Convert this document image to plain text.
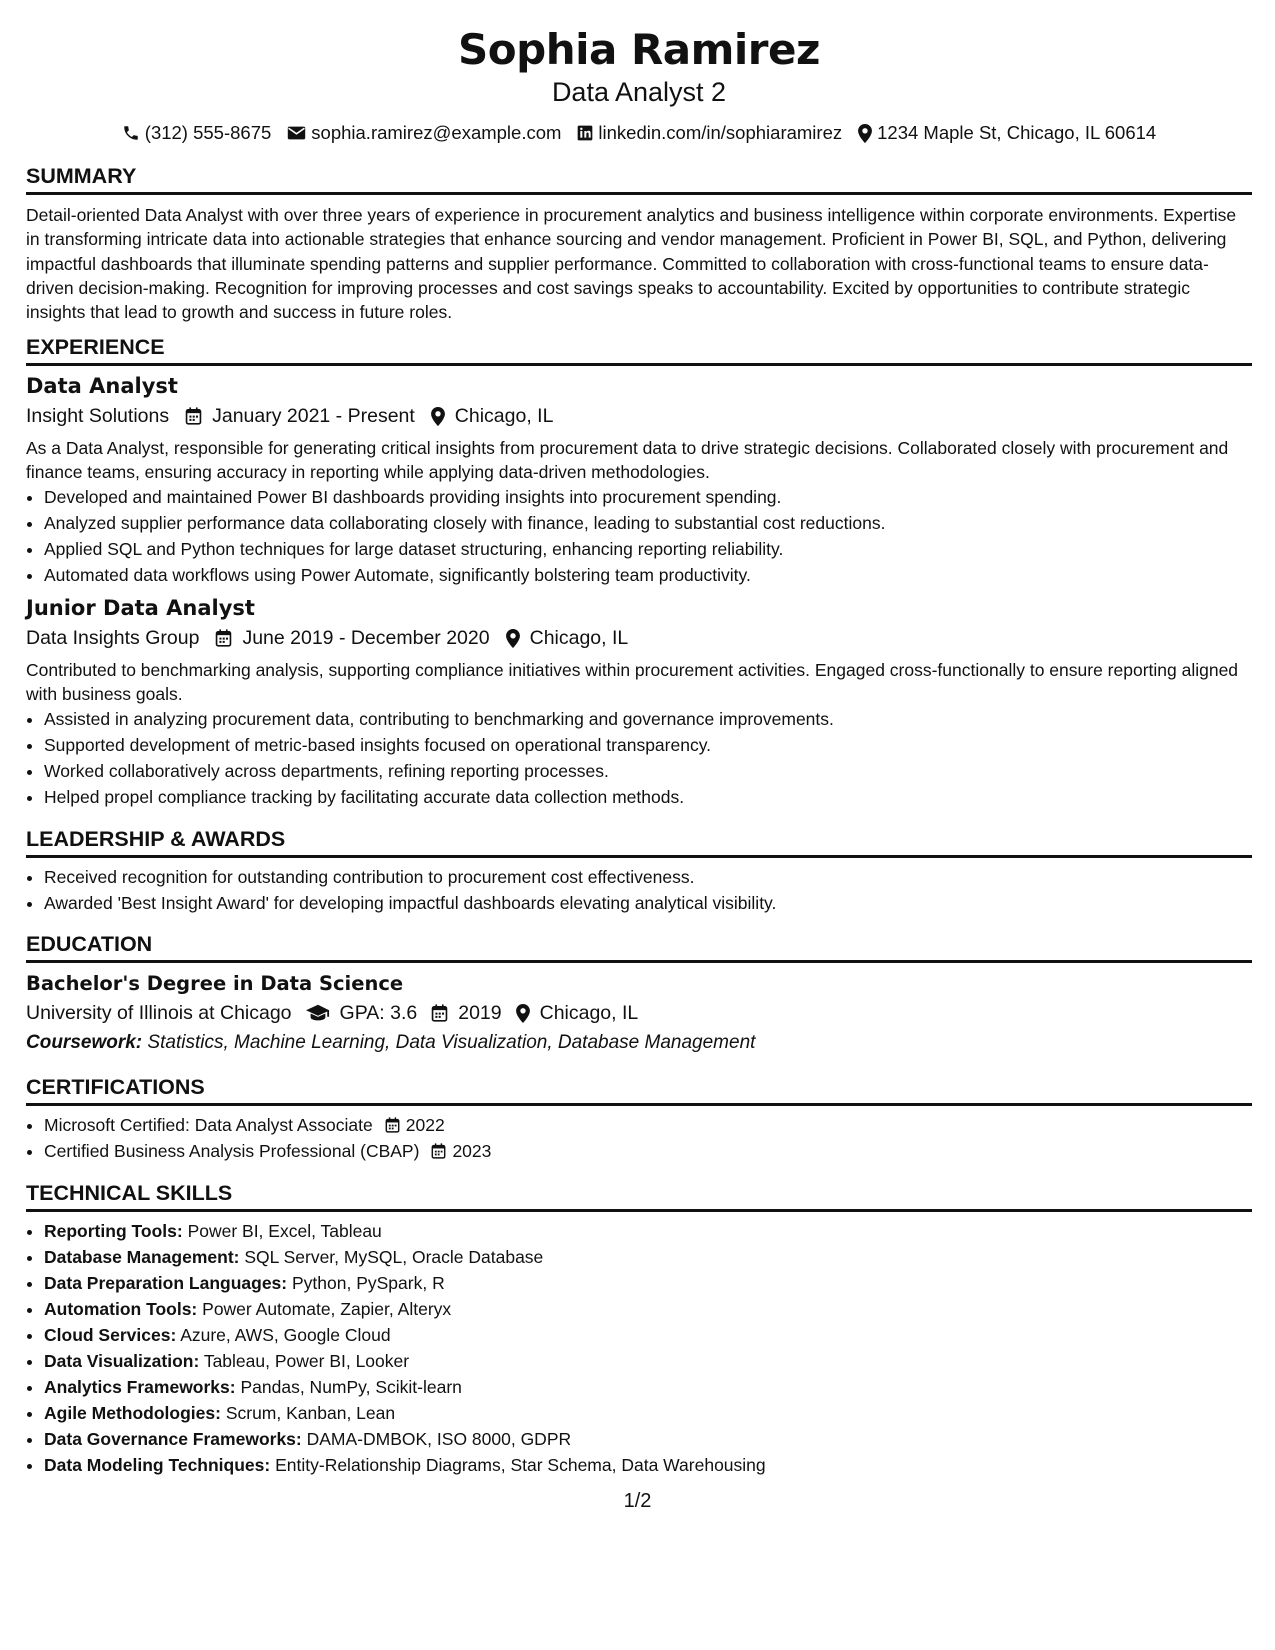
Sophia Ramirez
Data Analyst 2
(312) 555-8675 sophia.ramirez@example.com linkedin.com/in/sophiaramirez 1234 Maple St, Chicago, IL 60614
SUMMARY
Detail-oriented Data Analyst with over three years of experience in procurement analytics and business intelligence within corporate environments. Expertise in transforming intricate data into actionable strategies that enhance sourcing and vendor management. Proficient in Power BI, SQL, and Python, delivering impactful dashboards that illuminate spending patterns and supplier performance. Committed to collaboration with cross-functional teams to ensure data-driven decision-making. Recognition for improving processes and cost savings speaks to accountability. Excited by opportunities to contribute strategic insights that lead to growth and success in future roles.
EXPERIENCE
Data Analyst
Insight Solutions January 2021 - Present Chicago, IL
As a Data Analyst, responsible for generating critical insights from procurement data to drive strategic decisions. Collaborated closely with procurement and finance teams, ensuring accuracy in reporting while applying data-driven methodologies.
• Developed and maintained Power BI dashboards providing insights into procurement spending.
• Analyzed supplier performance data collaborating closely with finance, leading to substantial cost reductions.
• Applied SQL and Python techniques for large dataset structuring, enhancing reporting reliability.
• Automated data workflows using Power Automate, significantly bolstering team productivity.
Junior Data Analyst
Data Insights Group June 2019 - December 2020 Chicago, IL
Contributed to benchmarking analysis, supporting compliance initiatives within procurement activities. Engaged cross-functionally to ensure reporting aligned with business goals.
• Assisted in analyzing procurement data, contributing to benchmarking and governance improvements.
• Supported development of metric-based insights focused on operational transparency.
• Worked collaboratively across departments, refining reporting processes.
• Helped propel compliance tracking by facilitating accurate data collection methods.
LEADERSHIP & AWARDS
• Received recognition for outstanding contribution to procurement cost effectiveness.
• Awarded 'Best Insight Award' for developing impactful dashboards elevating analytical visibility.
EDUCATION
Bachelor's Degree in Data Science
University of Illinois at Chicago GPA: 3.6 2019 Chicago, IL
Coursework: Statistics, Machine Learning, Data Visualization, Database Management
CERTIFICATIONS
• Microsoft Certified: Data Analyst Associate 2022
• Certified Business Analysis Professional (CBAP) 2023
TECHNICAL SKILLS
• Reporting Tools: Power BI, Excel, Tableau
• Database Management: SQL Server, MySQL, Oracle Database
• Data Preparation Languages: Python, PySpark, R
• Automation Tools: Power Automate, Zapier, Alteryx
• Cloud Services: Azure, AWS, Google Cloud
• Data Visualization: Tableau, Power BI, Looker
• Analytics Frameworks: Pandas, NumPy, Scikit-learn
• Agile Methodologies: Scrum, Kanban, Lean
• Data Governance Frameworks: DAMA-DMBOK, ISO 8000, GDPR
• Data Modeling Techniques: Entity-Relationship Diagrams, Star Schema, Data Warehousing
1/2
